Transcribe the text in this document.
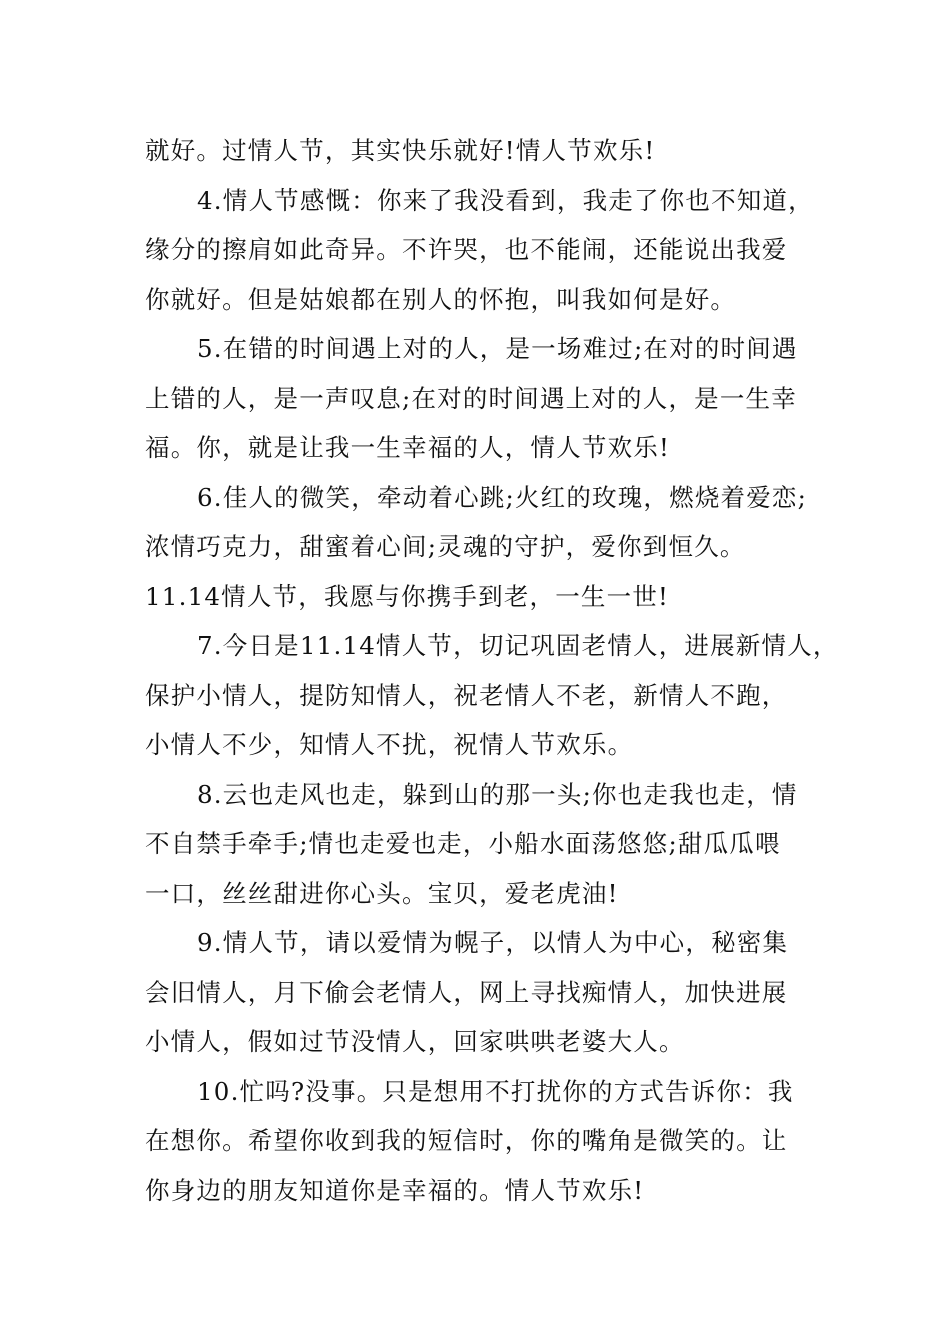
就好。过情人节，其实快乐就好!情人节欢乐!
4.情人节感慨：你来了我没看到，我走了你也不知道，
缘分的擦肩如此奇异。不许哭，也不能闹，还能说出我爱
你就好。但是姑娘都在别人的怀抱，叫我如何是好。
5.在错的时间遇上对的人，是一场难过;在对的时间遇
上错的人，是一声叹息;在对的时间遇上对的人，是一生幸
福。你，就是让我一生幸福的人，情人节欢乐!
6.佳人的微笑，牵动着心跳;火红的玫瑰，燃烧着爱恋;
浓情巧克力，甜蜜着心间;灵魂的守护，爱你到恒久。
11.14情人节，我愿与你携手到老，一生一世!
7.今日是11.14情人节，切记巩固老情人，进展新情人，
保护小情人，提防知情人，祝老情人不老，新情人不跑，
小情人不少，知情人不扰，祝情人节欢乐。
8.云也走风也走，躲到山的那一头;你也走我也走，情
不自禁手牵手;情也走爱也走，小船水面荡悠悠;甜瓜瓜喂
一口，丝丝甜进你心头。宝贝，爱老虎油!
9.情人节，请以爱情为幌子，以情人为中心，秘密集
会旧情人，月下偷会老情人，网上寻找痴情人，加快进展
小情人，假如过节没情人，回家哄哄老婆大人。
10.忙吗?没事。只是想用不打扰你的方式告诉你：我
在想你。希望你收到我的短信时，你的嘴角是微笑的。让
你身边的朋友知道你是幸福的。情人节欢乐!
